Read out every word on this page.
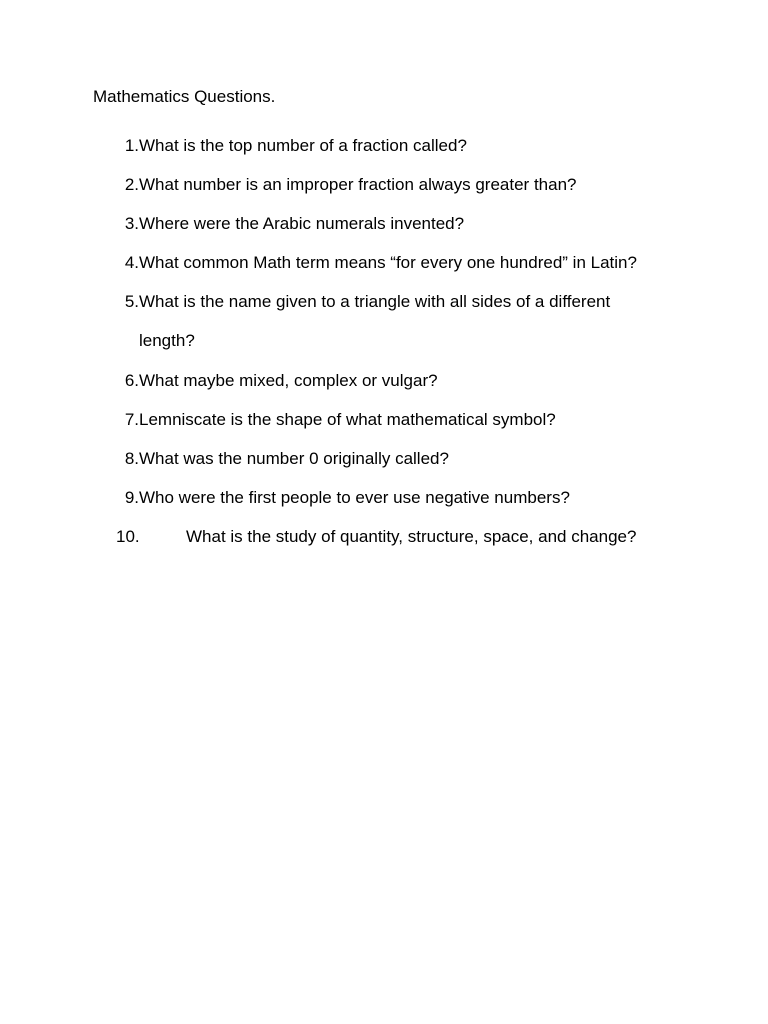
Mathematics Questions.
1. What is the top number of a fraction called?
2. What number is an improper fraction always greater than?
3. Where were the Arabic numerals invented?
4. What common Math term means “for every one hundred” in Latin?
5. What is the name given to a triangle with all sides of a different
length?
6. What maybe mixed, complex or vulgar?
7. Lemniscate is the shape of what mathematical symbol?
8. What was the number 0 originally called?
9. Who were the first people to ever use negative numbers?
10.	What is the study of quantity, structure, space, and change?
